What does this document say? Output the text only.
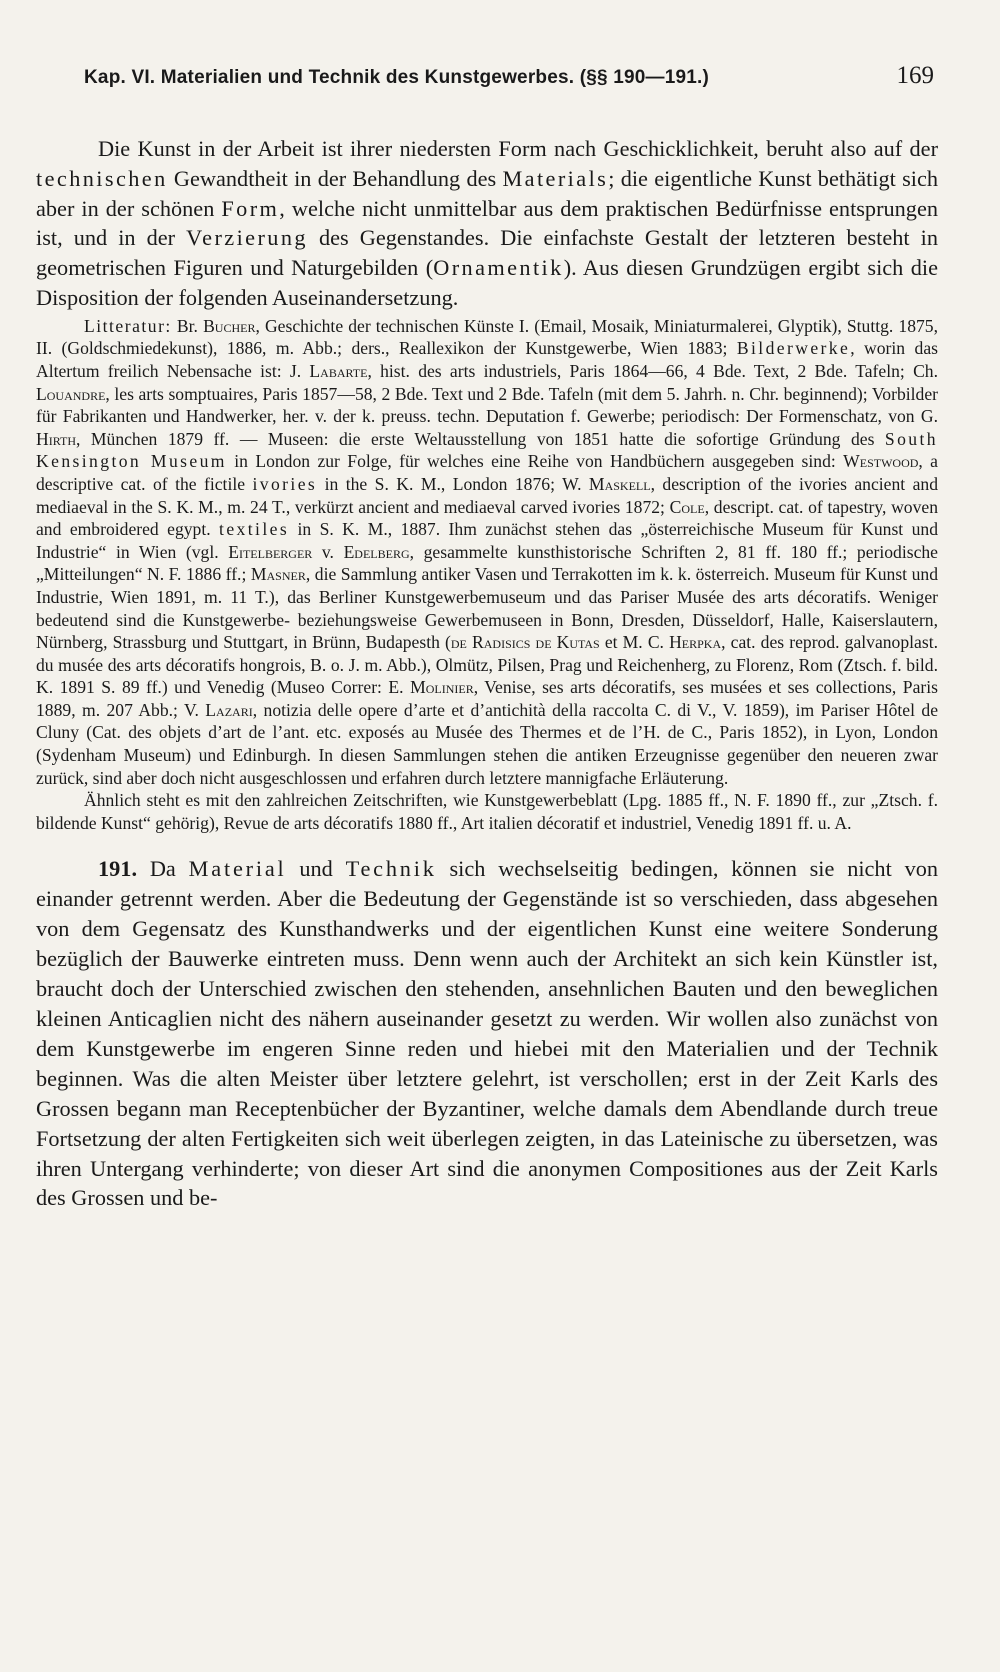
Kap. VI. Materialien und Technik des Kunstgewerbes. (§§ 190—191.)	169

Die Kunst in der Arbeit ist ihrer niedersten Form nach Geschicklichkeit, beruht also auf der technischen Gewandtheit in der Behandlung des Materials; die eigentliche Kunst bethätigt sich aber in der schönen Form, welche nicht unmittelbar aus dem praktischen Bedürfnisse entsprungen ist, und in der Verzierung des Gegenstandes. Die einfachste Gestalt der letzteren besteht in geometrischen Figuren und Naturgebilden (Ornamentik). Aus diesen Grundzügen ergibt sich die Disposition der folgenden Auseinandersetzung.

Litteratur: Br. Bucher, Geschichte der technischen Künste I. (Email, Mosaik, Miniaturmalerei, Glyptik), Stuttg. 1875, II. (Goldschmiedekunst), 1886, m. Abb.; ders., Reallexikon der Kunstgewerbe, Wien 1883; Bilderwerke, worin das Altertum freilich Nebensache ist: J. Labarte, hist. des arts industriels, Paris 1864—66, 4 Bde. Text, 2 Bde. Tafeln; Ch. Louandre, les arts somptuaires, Paris 1857—58, 2 Bde. Text und 2 Bde. Tafeln (mit dem 5. Jahrh. n. Chr. beginnend); Vorbilder für Fabrikanten und Handwerker, her. v. der k. preuss. techn. Deputation f. Gewerbe; periodisch: Der Formenschatz, von G. Hirth, München 1879 ff. — Museen: die erste Weltausstellung von 1851 hatte die sofortige Gründung des South Kensington Museum in London zur Folge, für welches eine Reihe von Handbüchern ausgegeben sind: Westwood, a descriptive cat. of the fictile ivories in the S. K. M., London 1876; W. Maskell, description of the ivories ancient and mediaeval in the S. K. M., m. 24 T., verkürzt ancient and mediaeval carved ivories 1872; Cole, descript. cat. of tapestry, woven and embroidered egypt. textiles in S. K. M., 1887. Ihm zunächst stehen das „österreichische Museum für Kunst und Industrie“ in Wien (vgl. Eitelberger v. Edelberg, gesammelte kunsthistorische Schriften 2, 81 ff. 180 ff.; periodische „Mitteilungen“ N. F. 1886 ff.; Masner, die Sammlung antiker Vasen und Terrakotten im k. k. österreich. Museum für Kunst und Industrie, Wien 1891, m. 11 T.), das Berliner Kunstgewerbemuseum und das Pariser Musée des arts décoratifs. Weniger bedeutend sind die Kunstgewerbe- beziehungsweise Gewerbemuseen in Bonn, Dresden, Düsseldorf, Halle, Kaiserslautern, Nürnberg, Strassburg und Stuttgart, in Brünn, Budapesth (de Radisics de Kutas et M. C. Herpka, cat. des reprod. galvanoplast. du musée des arts décoratifs hongrois, B. o. J. m. Abb.), Olmütz, Pilsen, Prag und Reichenherg, zu Florenz, Rom (Ztsch. f. bild. K. 1891 S. 89 ff.) und Venedig (Museo Correr: E. Molinier, Venise, ses arts décoratifs, ses musées et ses collections, Paris 1889, m. 207 Abb.; V. Lazari, notizia delle opere d’arte et d’antichità della raccolta C. di V., V. 1859), im Pariser Hôtel de Cluny (Cat. des objets d’art de l’ant. etc. exposés au Musée des Thermes et de l’H. de C., Paris 1852), in Lyon, London (Sydenham Museum) und Edinburgh. In diesen Sammlungen stehen die antiken Erzeugnisse gegenüber den neueren zwar zurück, sind aber doch nicht ausgeschlossen und erfahren durch letztere mannigfache Erläuterung.

Ähnlich steht es mit den zahlreichen Zeitschriften, wie Kunstgewerbeblatt (Lpg. 1885 ff., N. F. 1890 ff., zur „Ztsch. f. bildende Kunst“ gehörig), Revue de arts décoratifs 1880 ff., Art italien décoratif et industriel, Venedig 1891 ff. u. A.

191. Da Material und Technik sich wechselseitig bedingen, können sie nicht von einander getrennt werden. Aber die Bedeutung der Gegenstände ist so verschieden, dass abgesehen von dem Gegensatz des Kunsthandwerks und der eigentlichen Kunst eine weitere Sonderung bezüglich der Bauwerke eintreten muss. Denn wenn auch der Architekt an sich kein Künstler ist, braucht doch der Unterschied zwischen den stehenden, ansehnlichen Bauten und den beweglichen kleinen Anticaglien nicht des nähern auseinander gesetzt zu werden. Wir wollen also zunächst von dem Kunstgewerbe im engeren Sinne reden und hiebei mit den Materialien und der Technik beginnen. Was die alten Meister über letztere gelehrt, ist verschollen; erst in der Zeit Karls des Grossen begann man Receptenbücher der Byzantiner, welche damals dem Abendlande durch treue Fortsetzung der alten Fertigkeiten sich weit überlegen zeigten, in das Lateinische zu übersetzen, was ihren Untergang verhinderte; von dieser Art sind die anonymen Compositiones aus der Zeit Karls des Grossen und be-
